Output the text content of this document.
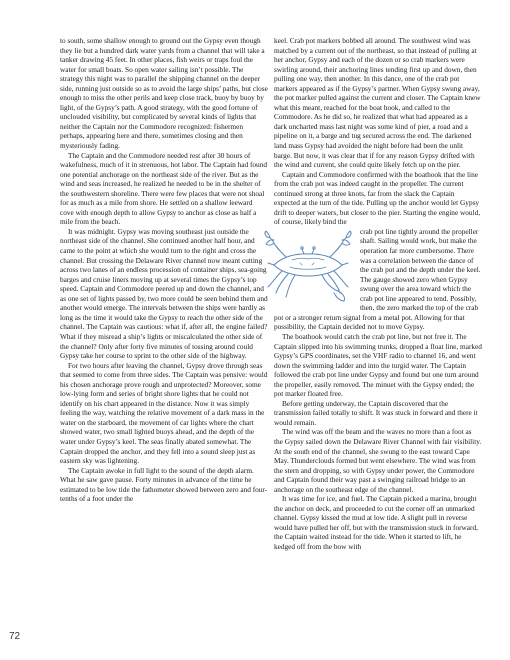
to south, some shallow enough to ground out the Gypsy even though they lie but a hundred dark water yards from a channel that will take a tanker drawing 45 feet. In other places, fish weirs or traps foul the water for small boats. So open water sailing isn’t possible. The strategy this night was to parallel the shipping channel on the deeper side, running just outside so as to avoid the large ships’ paths, but close enough to miss the other perils and keep close track, buoy by buoy by light, of the Gypsy’s path. A good strategy, with the good fortune of unclouded visibility, but complicated by several kinds of lights that neither the Captain nor the Commodore recognized: fishermen perhaps, appearing here and there, sometimes closing and then mysteriously fading.

The Captain and the Commodore needed rest after 30 hours of wakefulness, much of it in strenuous, hot labor. The Captain had found one potential anchorage on the northeast side of the river. But as the wind and seas increased, he realized he needed to be in the shelter of the southwestern shoreline. There were few places that were not shoal for as much as a mile from shore. He settled on a shallow leeward cove with enough depth to allow Gypsy to anchor as close as half a mile from the beach.

It was midnight. Gypsy was moving southeast just outside the northeast side of the channel. She continued another half hour, and came to the point at which she would turn to the right and cross the channel. But crossing the Delaware River channel now meant cutting across two lanes of an endless procession of container ships, sea-going barges and cruise liners moving up at several times the Gypsy’s top speed. Captain and Commodore peered up and down the channel, and as one set of lights passed by, two more could be seen behind them and another would emerge. The intervals between the ships were hardly as long as the time it would take the Gypsy to reach the other side of the channel. The Captain was cautious: what if, after all, the engine failed? What if they misread a ship’s lights or miscalculated the other side of the channel? Only after forty five minutes of tossing around could Gypsy take her course to sprint to the other side of the highway.

For two hours after leaving the channel, Gypsy drove through seas that seemed to come from three sides. The Captain was pensive: would his chosen anchorage prove rough and unprotected? Moreover, some low-lying form and series of bright shore lights that he could not identify on his chart appeared in the distance. Now it was simply feeling the way, watching the relative movement of a dark mass in the water on the starboard, the movement of car lights where the chart showed water, two small lighted buoys ahead, and the depth of the water under Gypsy’s keel. The seas finally abated somewhat. The Captain dropped the anchor, and they fell into a sound sleep just as eastern sky was lightening.

The Captain awoke in full light to the sound of the depth alarm. What he saw gave pause. Forty minutes in advance of the time he estimated to be low tide the fathometer showed between zero and four-tenths of a foot under the

keel. Crab pot markers bobbed all around. The southwest wind was matched by a current out of the northeast, so that instead of pulling at her anchor, Gypsy and each of the dozen or so crab markers were swirling around, their anchoring lines tending first up and down, then pulling one way, then another. In this dance, one of the crab pot markers appeared as if the Gypsy’s partner. When Gypsy swung away, the pot marker pulled against the current and closer. The Captain knew what this meant, reached for the boat hook, and called to the Commodore. As he did so, he realized that what had appeared as a dark uncharted mass last night was some kind of pier, a road and a pipeline on it, a barge and tug secured across the end. The darkened land mass Gypsy had avoided the night before had been the unlit barge. But now, it was clear that if for any reason Gypsy drifted with the wind and current, she could quite likely fetch up on the pier.

Captain and Commodore confirmed with the boathook that the line from the crab pot was indeed caught in the propeller. The current continued strong at three knots, far from the slack the Captain expected at the turn of the tide. Pulling up the anchor would let Gypsy drift to deeper waters, but closer to the pier. Starting the engine would, of course, likely bind the

crab pot line tightly around the propeller shaft. Sailing would work, but make the operation far more cumbersome. There was a correlation between the dance of the crab pot and the depth under the keel. The gauge showed zero when Gypsy swung over the area toward which the crab pot line appeared to tend. Possibly, then, the zero marked the top of the crab pot or a stronger return signal from a metal pot. Allowing for that possibility, the Captain decided not to move Gypsy.

The boathook would catch the crab pot line, but not free it. The Captain slipped into his swimming trunks, dropped a float line, marked Gypsy’s GPS coordinates, set the VHF radio to channel 16, and went down the swimming ladder and into the turgid water. The Captain followed the crab pot line under Gypsy and found but one turn around the propeller, easily removed. The minuet with the Gypsy ended; the pot marker floated free.

Before getting underway, the Captain discovered that the transmission failed totally to shift. It was stuck in forward and there it would remain.

The wind was off the beam and the waves no more than a foot as the Gypsy sailed down the Delaware River Channel with fair visibility. At the south end of the channel, she swung to the east toward Cape May. Thunderclouds formed but went elsewhere. The wind was from the stern and dropping, so with Gypsy under power, the Commodore and Captain found their way past a swinging railroad bridge to an anchorage on the southeast edge of the channel.

It was time for ice, and fuel. The Captain picked a marina, brought the anchor on deck, and proceeded to cut the corner off an unmarked channel. Gypsy kissed the mud at low tide. A slight pull in reverse would have pulled her off, but with the transmission stuck in forward, the Captain waited instead for the tide. When it started to lift, he kedged off from the bow with

72
